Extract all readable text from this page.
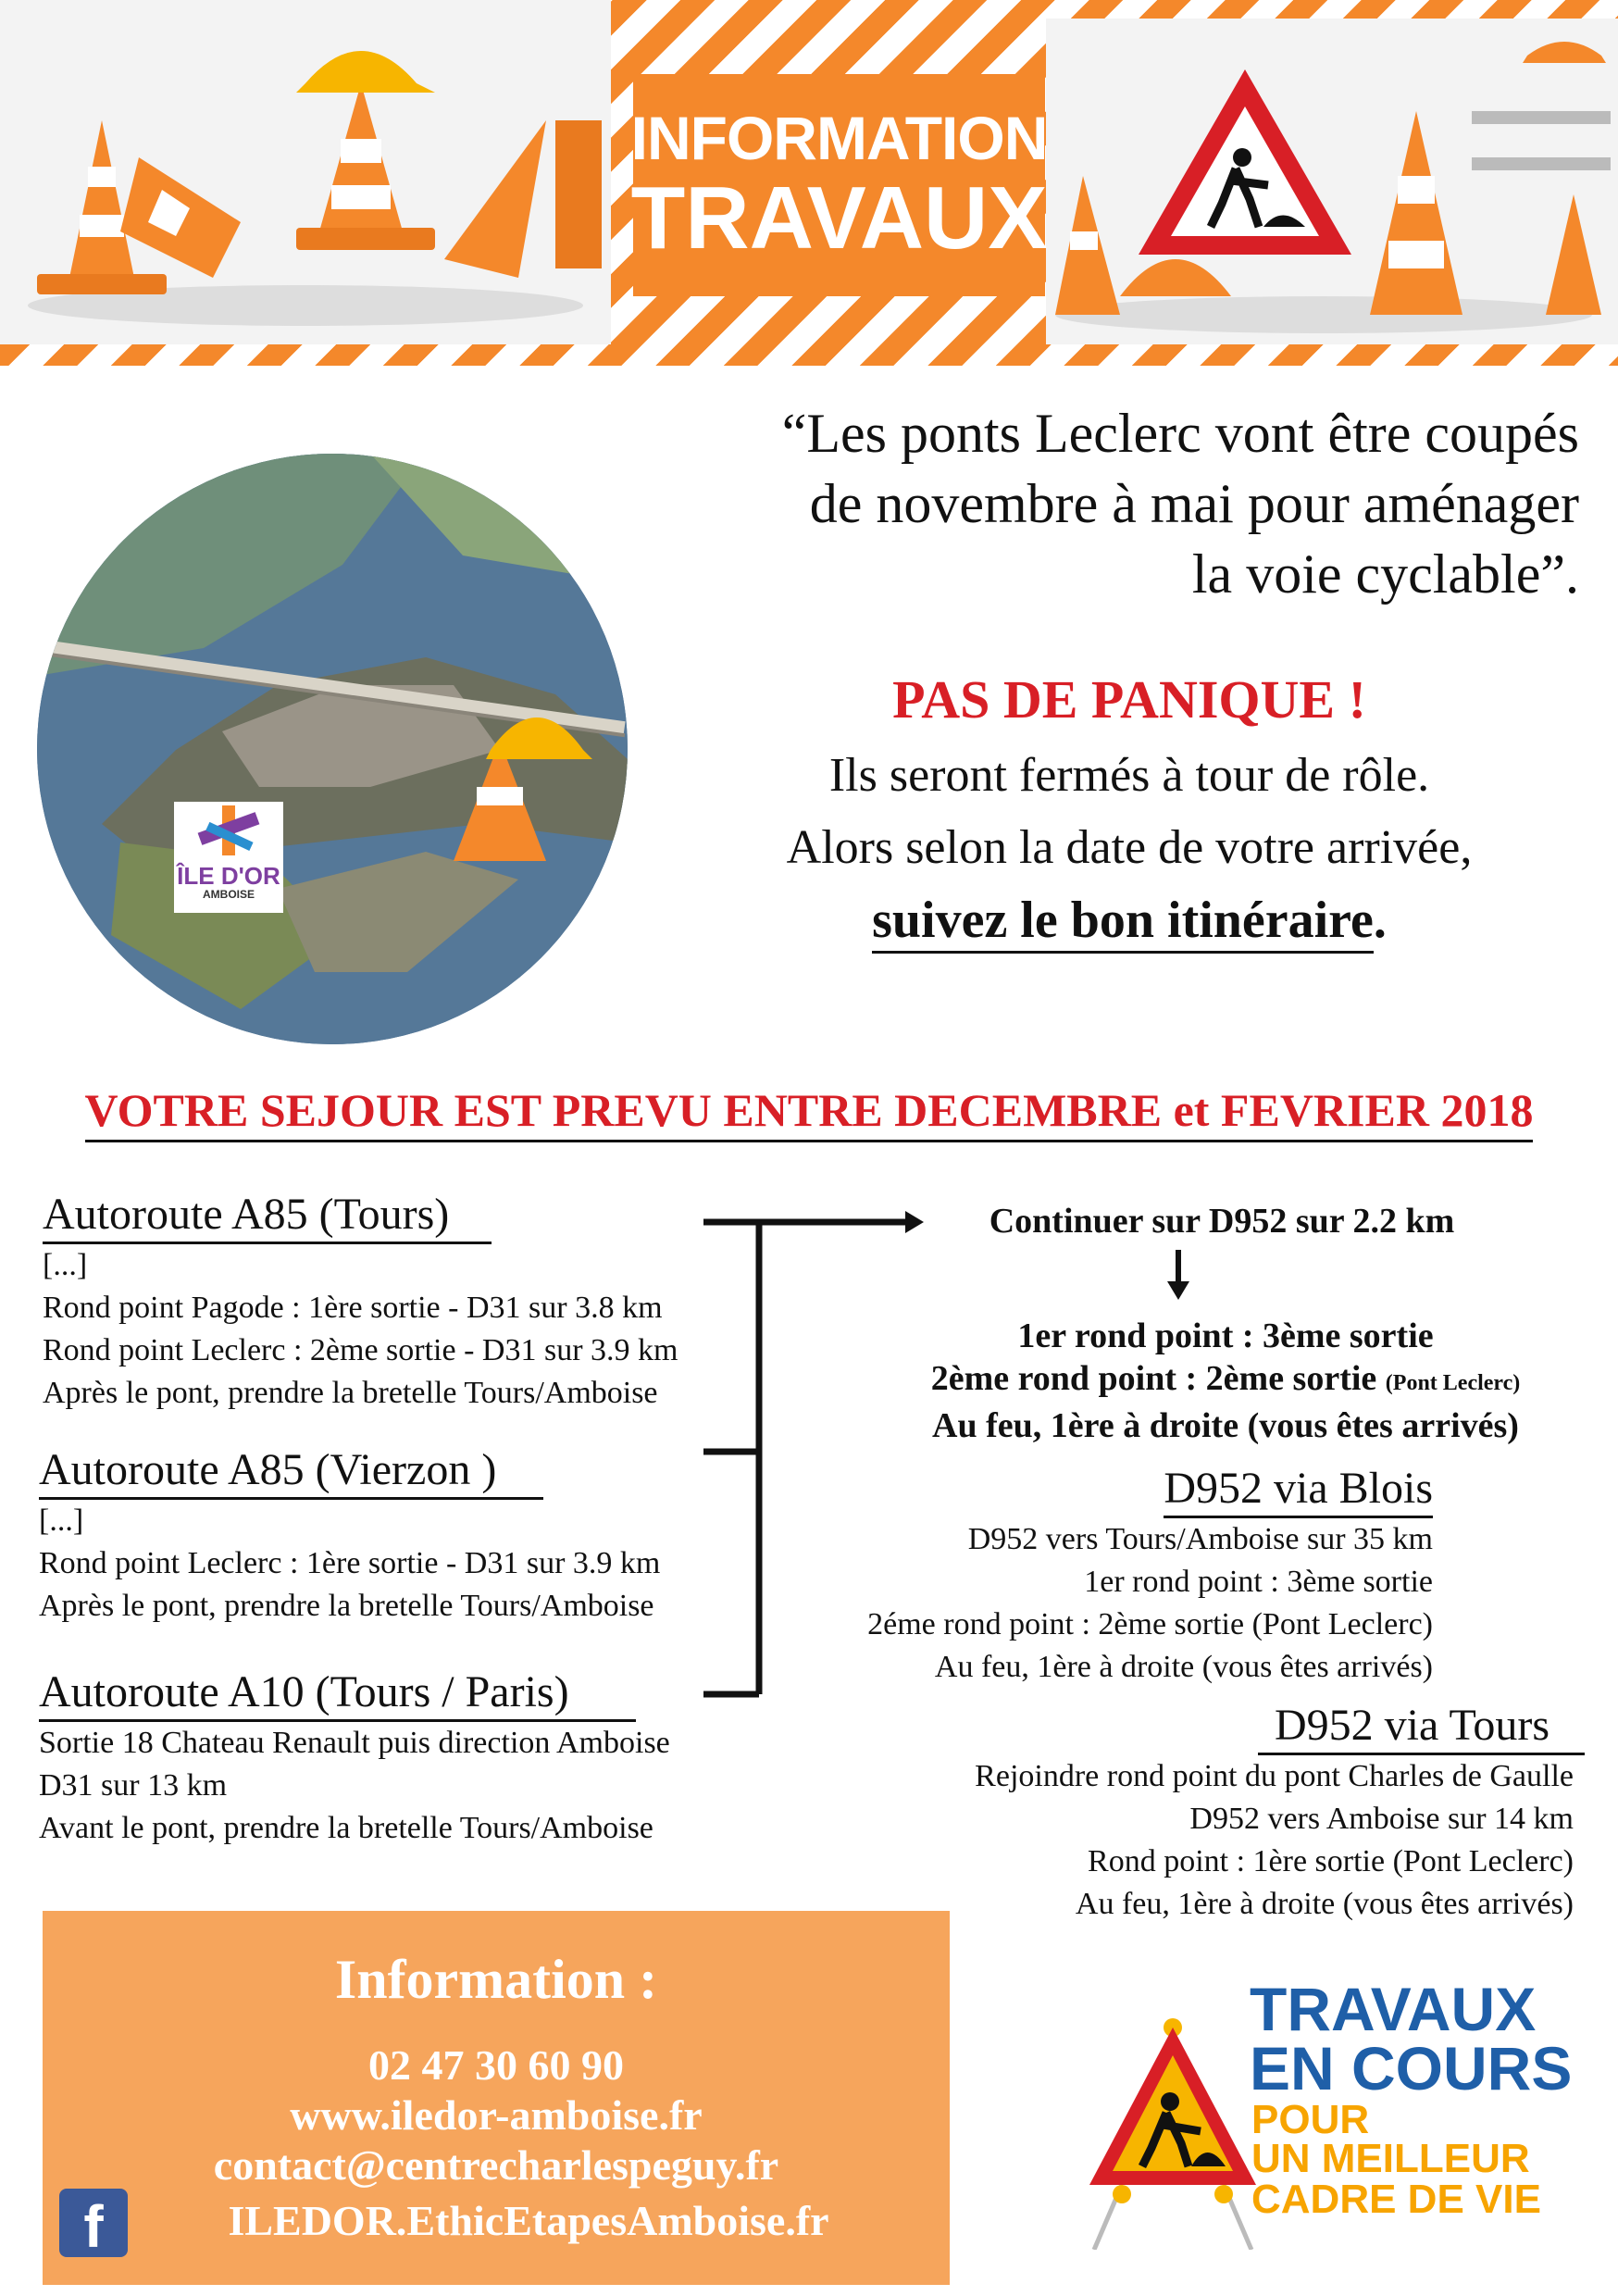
INFORMATION
TRAVAUX
ÎLE D'OR
AMBOISE
“Les ponts Leclerc vont être coupés
de novembre à mai pour aménager
la voie cyclable”.
PAS DE PANIQUE !
Ils seront fermés à tour de rôle.
Alors selon la date de votre arrivée,
suivez le bon itinéraire.
VOTRE SEJOUR EST PREVU ENTRE DECEMBRE et FEVRIER 2018
Autoroute A85 (Tours)
[...]
Rond point Pagode : 1ère sortie - D31 sur 3.8 km
Rond point Leclerc : 2ème sortie - D31 sur 3.9 km
Après le pont, prendre la bretelle Tours/Amboise
Autoroute A85 (Vierzon )
[...]
Rond point Leclerc : 1ère sortie - D31 sur 3.9 km
Après le pont, prendre la bretelle Tours/Amboise
Autoroute A10 (Tours / Paris)
Sortie 18 Chateau Renault puis direction Amboise
D31 sur 13 km
Avant le pont, prendre la bretelle Tours/Amboise
Continuer sur D952 sur 2.2 km
1er rond point : 3ème sortie
2ème rond point : 2ème sortie (Pont Leclerc)
Au feu, 1ère à droite (vous êtes arrivés)
D952 via Blois
D952 vers Tours/Amboise sur 35 km
1er rond point : 3ème sortie
2éme rond point : 2ème sortie (Pont Leclerc)
Au feu, 1ère à droite (vous êtes arrivés)
D952 via Tours
Rejoindre rond point du pont Charles de Gaulle
D952 vers Amboise sur 14 km
Rond point : 1ère sortie (Pont Leclerc)
Au feu, 1ère à droite (vous êtes arrivés)
Information :
02 47 30 60 90
www.iledor-amboise.fr
contact@centrecharlespeguy.fr
f	ILEDOR.EthicEtapesAmboise.fr
TRAVAUX
EN COURS
POUR
UN MEILLEUR
CADRE DE VIE
